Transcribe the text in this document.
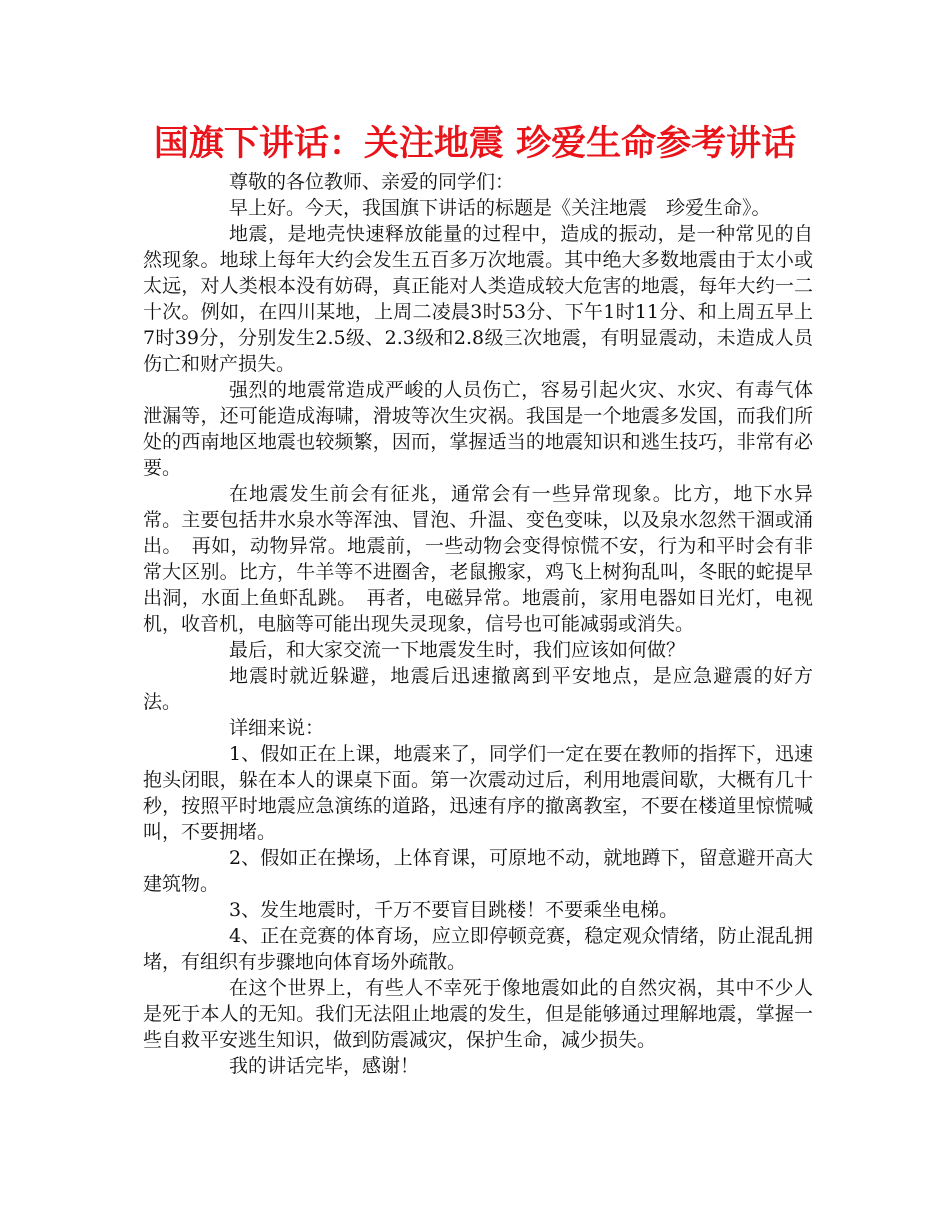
国旗下讲话：关注地震 珍爱生命参考讲话

尊敬的各位教师、亲爱的同学们：

早上好。今天，我国旗下讲话的标题是《关注地震　珍爱生命》。

地震，是地壳快速释放能量的过程中，造成的振动，是一种常见的自然现象。地球上每年大约会发生五百多万次地震。其中绝大多数地震由于太小或太远，对人类根本没有妨碍，真正能对人类造成较大危害的地震，每年大约一二十次。例如，在四川某地，上周二凌晨3时53分、下午1时11分、和上周五早上7时39分，分别发生2.5级、2.3级和2.8级三次地震，有明显震动，未造成人员伤亡和财产损失。

强烈的地震常造成严峻的人员伤亡，容易引起火灾、水灾、有毒气体泄漏等，还可能造成海啸，滑坡等次生灾祸。我国是一个地震多发国，而我们所处的西南地区地震也较频繁，因而，掌握适当的地震知识和逃生技巧，非常有必要。

在地震发生前会有征兆，通常会有一些异常现象。比方，地下水异常。主要包括井水泉水等浑浊、冒泡、升温、变色变味，以及泉水忽然干涸或涌出。　再如，动物异常。地震前，一些动物会变得惊慌不安，行为和平时会有非常大区别。比方，牛羊等不进圈舍，老鼠搬家，鸡飞上树狗乱叫，冬眠的蛇提早出洞，水面上鱼虾乱跳。　再者，电磁异常。地震前，家用电器如日光灯，电视机，收音机，电脑等可能出现失灵现象，信号也可能减弱或消失。

最后，和大家交流一下地震发生时，我们应该如何做？

地震时就近躲避，地震后迅速撤离到平安地点，是应急避震的好方法。

详细来说：

1、假如正在上课，地震来了，同学们一定在要在教师的指挥下，迅速抱头闭眼，躲在本人的课桌下面。第一次震动过后，利用地震间歇，大概有几十秒，按照平时地震应急演练的道路，迅速有序的撤离教室，不要在楼道里惊慌喊叫，不要拥堵。

2、假如正在操场，上体育课，可原地不动，就地蹲下，留意避开高大建筑物。

3、发生地震时，千万不要盲目跳楼！不要乘坐电梯。

4、正在竞赛的体育场，应立即停顿竞赛，稳定观众情绪，防止混乱拥堵，有组织有步骤地向体育场外疏散。

在这个世界上，有些人不幸死于像地震如此的自然灾祸，其中不少人是死于本人的无知。我们无法阻止地震的发生，但是能够通过理解地震，掌握一些自救平安逃生知识，做到防震减灾，保护生命，减少损失。

我的讲话完毕，感谢！
